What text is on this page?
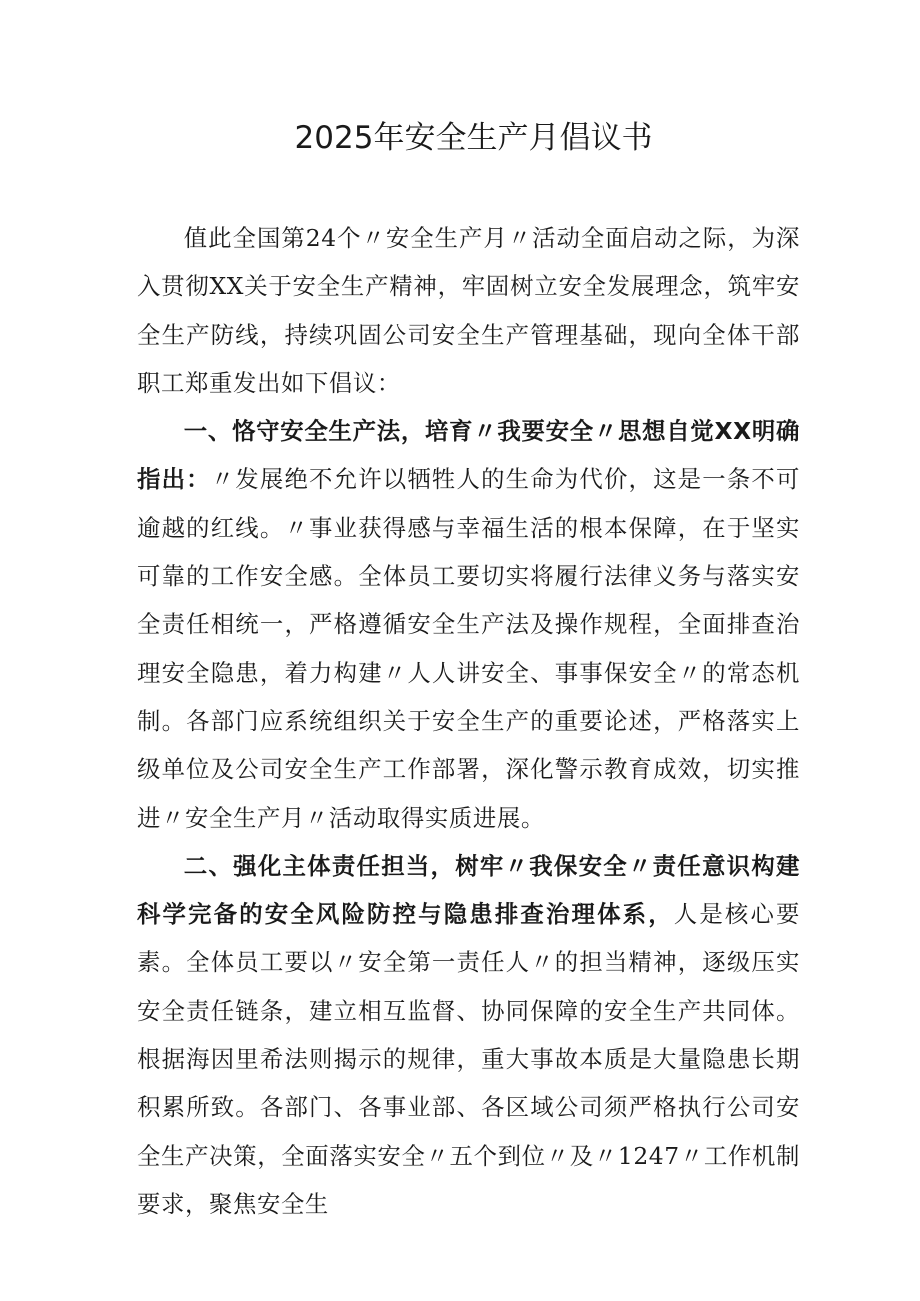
2025年安全生产月倡议书

值此全国第24个〃安全生产月〃活动全面启动之际，为深入贯彻XX关于安全生产精神，牢固树立安全发展理念，筑牢安全生产防线，持续巩固公司安全生产管理基础，现向全体干部职工郑重发出如下倡议：

一、恪守安全生产法，培育〃我要安全〃思想自觉XX明确指出：〃发展绝不允许以牺牲人的生命为代价，这是一条不可逾越的红线。〃事业获得感与幸福生活的根本保障，在于坚实可靠的工作安全感。全体员工要切实将履行法律义务与落实安全责任相统一，严格遵循安全生产法及操作规程，全面排查治理安全隐患，着力构建〃人人讲安全、事事保安全〃的常态机制。各部门应系统组织关于安全生产的重要论述，严格落实上级单位及公司安全生产工作部署，深化警示教育成效，切实推进〃安全生产月〃活动取得实质进展。

二、强化主体责任担当，树牢〃我保安全〃责任意识构建科学完备的安全风险防控与隐患排查治理体系，人是核心要素。全体员工要以〃安全第一责任人〃的担当精神，逐级压实安全责任链条，建立相互监督、协同保障的安全生产共同体。根据海因里希法则揭示的规律，重大事故本质是大量隐患长期积累所致。各部门、各事业部、各区域公司须严格执行公司安全生产决策，全面落实安全〃五个到位〃及〃1247〃工作机制要求，聚焦安全生
